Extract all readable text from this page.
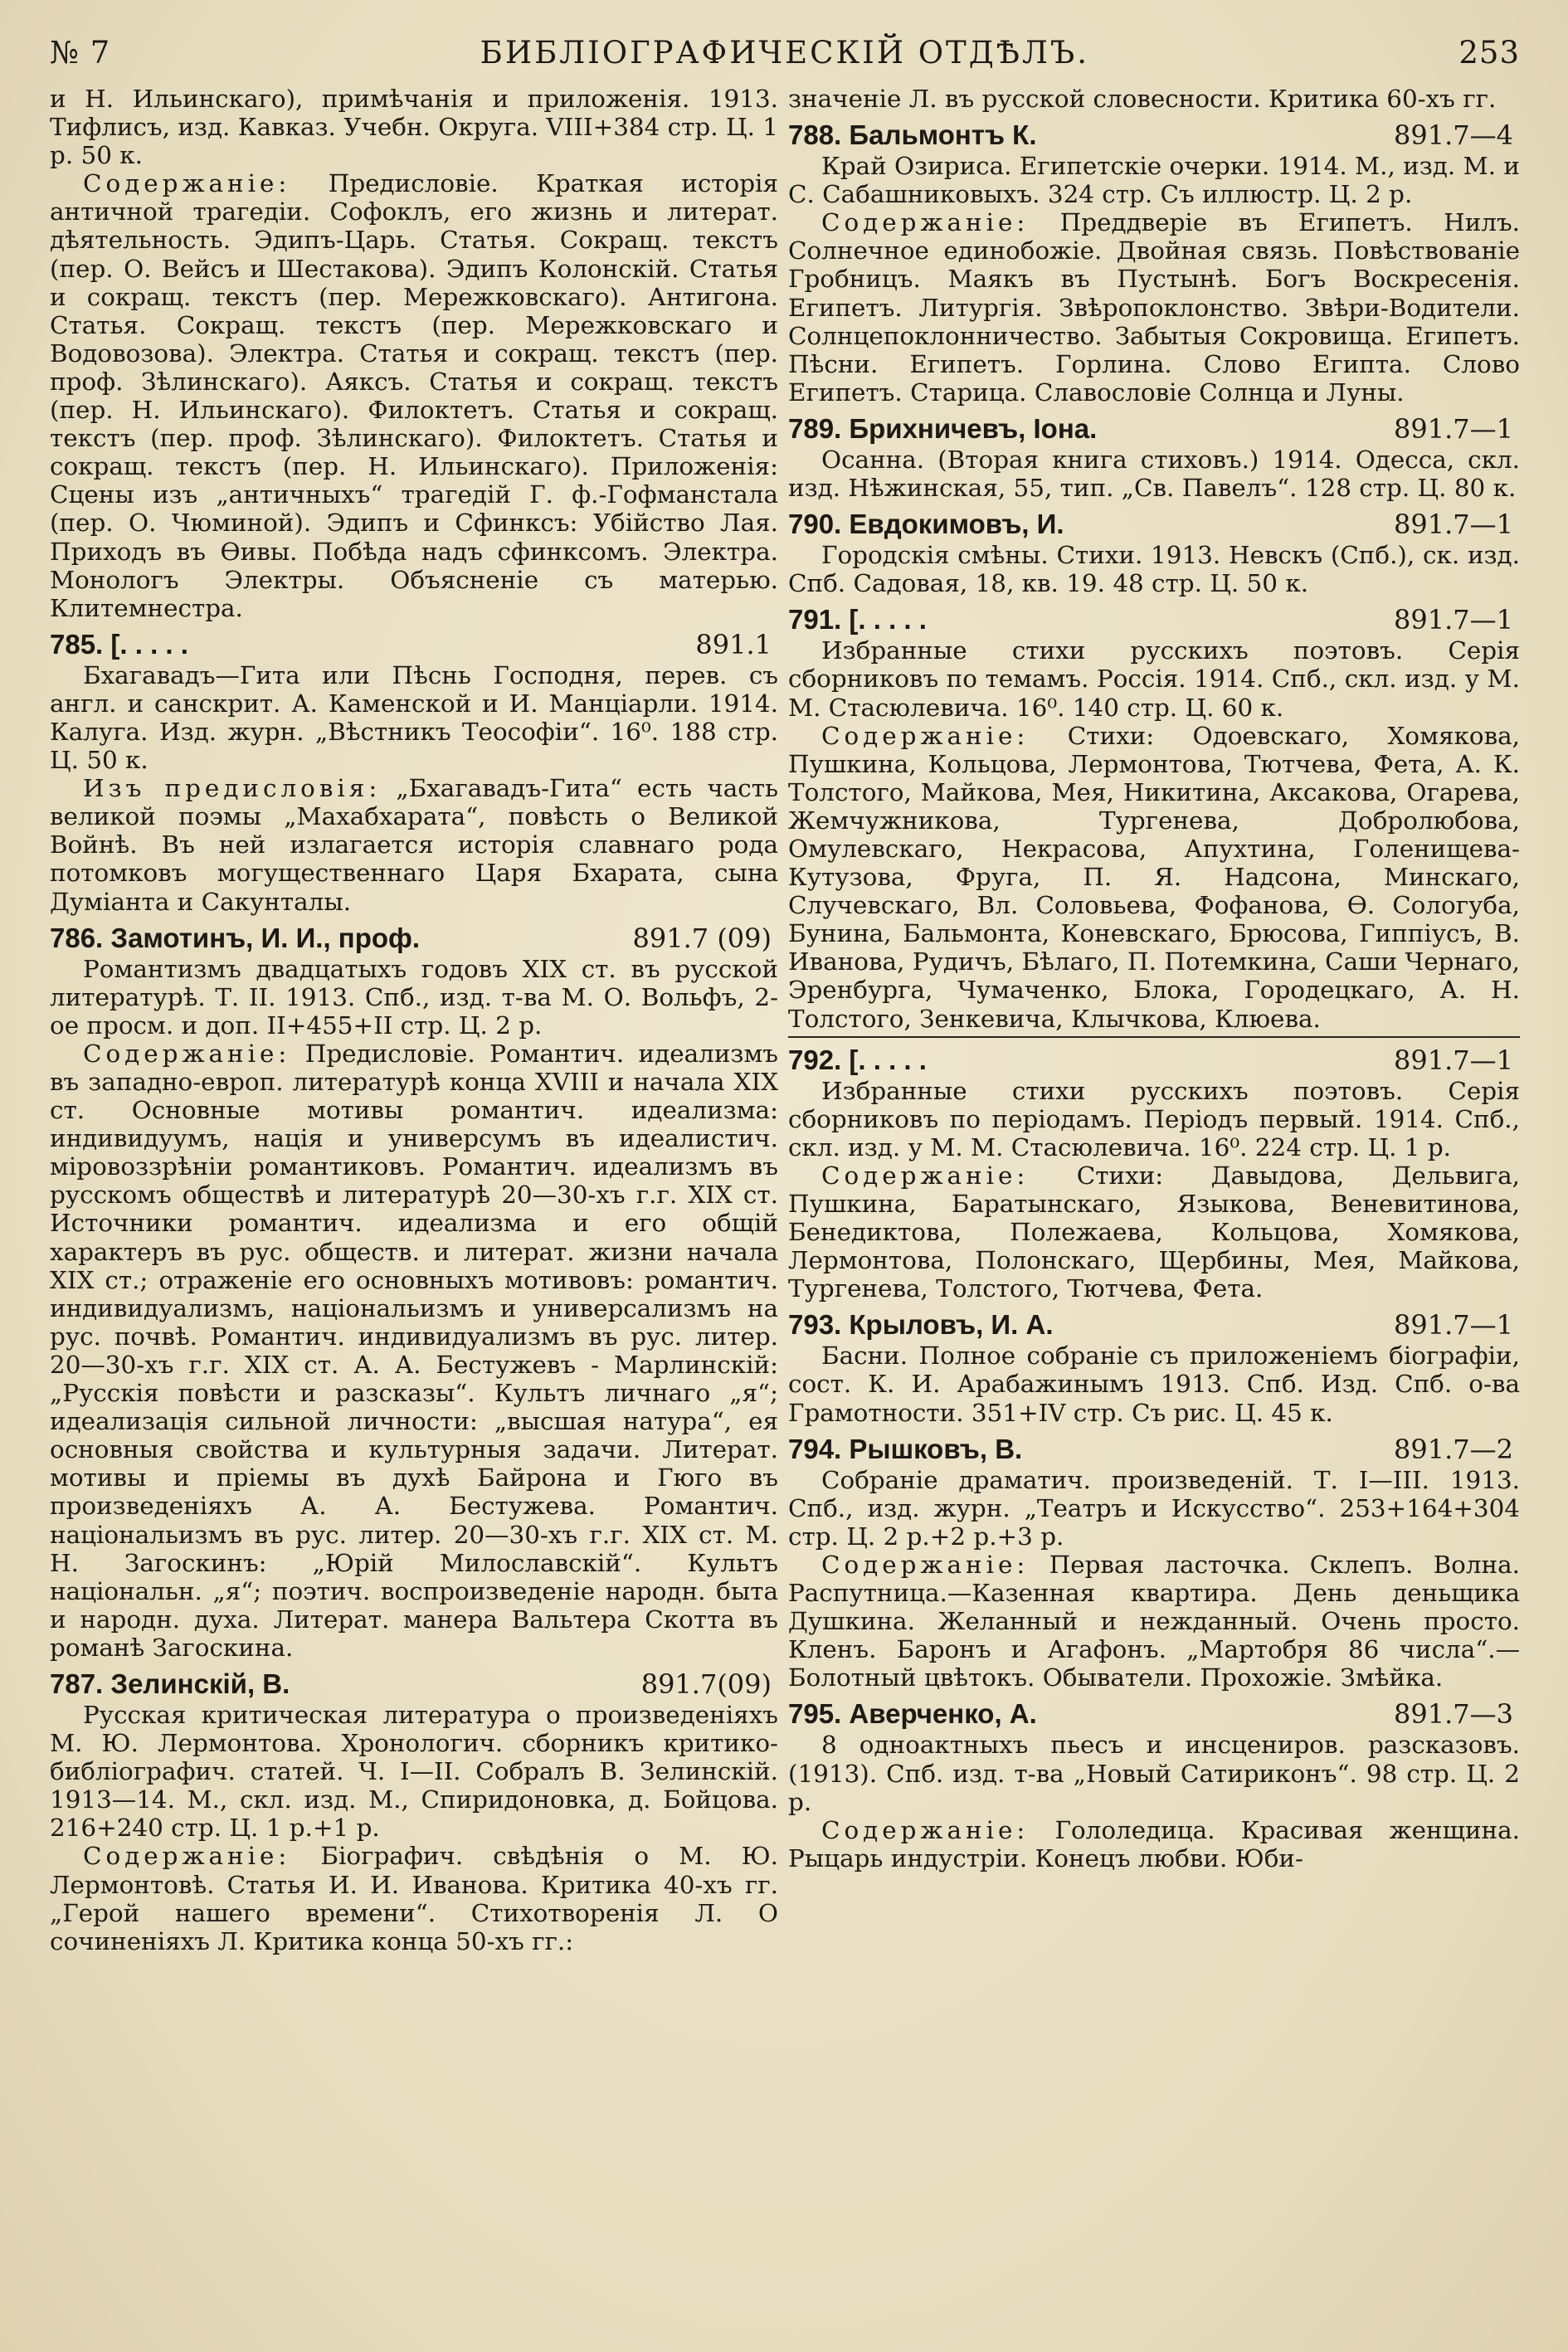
№ 7	БИБЛІОГРАФИЧЕСКІЙ ОТДѢЛЪ.	253

и Н. Ильинскаго), примѣчанія и приложенія. 1913. Тифлисъ, изд. Кавказ. Учебн. Округа. VIII+384 стр. Ц. 1 р. 50 к.

Содержаніе: Предисловіе. Краткая исторія античной трагедіи. Софоклъ, его жизнь и литерат. дѣятельность. Эдипъ-Царь. Статья. Сокращ. текстъ (пер. О. Вейсъ и Шестакова). Эдипъ Колонскій. Статья и сокращ. текстъ (пер. Мережковскаго). Антигона. Статья. Сокращ. текстъ (пер. Мережковскаго и Водовозова). Электра. Статья и сокращ. текстъ (пер. проф. Зѣлинскаго). Аяксъ. Статья и сокращ. текстъ (пер. Н. Ильинскаго). Филоктетъ. Статья и сокращ. текстъ (пер. проф. Зѣлинскаго). Филоктетъ. Статья и сокращ. текстъ (пер. Н. Ильинскаго). Приложенія: Сцены изъ „античныхъ“ трагедій Г. ф.-Гофманстала (пер. О. Чюминой). Эдипъ и Сфинксъ: Убійство Лая. Приходъ въ Өивы. Побѣда надъ сфинксомъ. Электра. Монологъ Электры. Объясненіе съ матерью. Клитемнестра.

785. [. . . . .	891.1

Бхагавадъ—Гита или Пѣснь Господня, перев. съ англ. и санскрит. А. Каменской и И. Манціарли. 1914. Калуга. Изд. журн. „Вѣстникъ Теософіи“. 16⁰. 188 стр. Ц. 50 к.

Изъ предисловія: „Бхагавадъ-Гита“ есть часть великой поэмы „Махабхарата“, повѣсть о Великой Войнѣ. Въ ней излагается исторія славнаго рода потомковъ могущественнаго Царя Бхарата, сына Думіанта и Сакунталы.

786. Замотинъ, И. И., проф.	891.7 (09)

Романтизмъ двадцатыхъ годовъ XIX ст. въ русской литературѣ. Т. II. 1913. Спб., изд. т-ва М. О. Вольфъ, 2-ое просм. и доп. II+455+II стр. Ц. 2 р.

Содержаніе: Предисловіе. Романтич. идеализмъ въ западно-европ. литературѣ конца XVIII и начала XIX ст. Основные мотивы романтич. идеализма: индивидуумъ, нація и универсумъ въ идеалистич. міровоззрѣніи романтиковъ. Романтич. идеализмъ въ русскомъ обществѣ и литературѣ 20—30-хъ г.г. XIX ст. Источники романтич. идеализма и его общій характеръ въ рус. обществ. и литерат. жизни начала XIX ст.; отраженіе его основныхъ мотивовъ: романтич. индивидуализмъ, національизмъ и универсализмъ на рус. почвѣ. Романтич. индивидуализмъ въ рус. литер. 20—30-хъ г.г. XIX ст. А. А. Бестужевъ - Марлинскій: „Русскія повѣсти и разсказы“. Культъ личнаго „я“; идеализація сильной личности: „высшая натура“, ея основныя свойства и культурныя задачи. Литерат. мотивы и пріемы въ духѣ Байрона и Гюго въ произведеніяхъ А. А. Бестужева. Романтич. національизмъ въ рус. литер. 20—30-хъ г.г. XIX ст. М. Н. Загоскинъ: „Юрій Милославскій“. Культъ національн. „я“; поэтич. воспроизведеніе народн. быта и народн. духа. Литерат. манера Вальтера Скотта въ романѣ Загоскина.

787. Зелинскій, В.	891.7(09)

Русская критическая литература о произведеніяхъ М. Ю. Лермонтова. Хронологич. сборникъ критико-библіографич. статей. Ч. I—II. Собралъ В. Зелинскій. 1913—14. М., скл. изд. М., Спиридоновка, д. Бойцова. 216+240 стр. Ц. 1 р.+1 р.

Содержаніе: Біографич. свѣдѣнія о М. Ю. Лермонтовѣ. Статья И. И. Иванова. Критика 40-хъ гг. „Герой нашего времени“. Стихотворенія Л. О сочиненіяхъ Л. Критика конца 50-хъ гг.:

значеніе Л. въ русской словесности. Критика 60-хъ гг.

788. Бальмонтъ К.	891.7—4

Край Озириса. Египетскіе очерки. 1914. М., изд. М. и С. Сабашниковыхъ. 324 стр. Съ иллюстр. Ц. 2 р.

Содержаніе: Преддверіе въ Египетъ. Нилъ. Солнечное единобожіе. Двойная связь. Повѣствованіе Гробницъ. Маякъ въ Пустынѣ. Богъ Воскресенія. Египетъ. Литургія. Звѣропоклонство. Звѣри-Водители. Солнцепоклонничество. Забытыя Сокровища. Египетъ. Пѣсни. Египетъ. Горлина. Слово Египта. Слово Египетъ. Старица. Славословіе Солнца и Луны.

789. Брихничевъ, Іона.	891.7—1

Осанна. (Вторая книга стиховъ.) 1914. Одесса, скл. изд. Нѣжинская, 55, тип. „Св. Павелъ“. 128 стр. Ц. 80 к.

790. Евдокимовъ, И.	891.7—1

Городскія смѣны. Стихи. 1913. Невскъ (Спб.), ск. изд. Спб. Садовая, 18, кв. 19. 48 стр. Ц. 50 к.

791. [. . . . .	891.7—1

Избранные стихи русскихъ поэтовъ. Серія сборниковъ по темамъ. Россія. 1914. Спб., скл. изд. у М. М. Стасюлевича. 16⁰. 140 стр. Ц. 60 к.

Содержаніе: Стихи: Одоевскаго, Хомякова, Пушкина, Кольцова, Лермонтова, Тютчева, Фета, А. К. Толстого, Майкова, Мея, Никитина, Аксакова, Огарева, Жемчужникова, Тургенева, Добролюбова, Омулевскаго, Некрасова, Апухтина, Голенищева-Кутузова, Фруга, П. Я. Надсона, Минскаго, Случевскаго, Вл. Соловьева, Фофанова, Ө. Сологуба, Бунина, Бальмонта, Коневскаго, Брюсова, Гиппіусъ, В. Иванова, Рудичъ, Бѣлаго, П. Потемкина, Саши Чернаго, Эренбурга, Чумаченко, Блока, Городецкаго, А. Н. Толстого, Зенкевича, Клычкова, Клюева.

792. [. . . . .	891.7—1

Избранные стихи русскихъ поэтовъ. Серія сборниковъ по періодамъ. Періодъ первый. 1914. Спб., скл. изд. у М. М. Стасюлевича. 16⁰. 224 стр. Ц. 1 р.

Содержаніе: Стихи: Давыдова, Дельвига, Пушкина, Баратынскаго, Языкова, Веневитинова, Бенедиктова, Полежаева, Кольцова, Хомякова, Лермонтова, Полонскаго, Щербины, Мея, Майкова, Тургенева, Толстого, Тютчева, Фета.

793. Крыловъ, И. А.	891.7—1

Басни. Полное собраніе съ приложеніемъ біографіи, сост. К. И. Арабажинымъ 1913. Спб. Изд. Спб. о-ва Грамотности. 351+IV стр. Съ рис. Ц. 45 к.

794. Рышковъ, В.	891.7—2

Собраніе драматич. произведеній. Т. I—III. 1913. Спб., изд. журн. „Театръ и Искусство“. 253+164+304 стр. Ц. 2 р.+2 р.+3 р.

Содержаніе: Первая ласточка. Склепъ. Волна. Распутница.—Казенная квартира. День деньщика Душкина. Желанный и нежданный. Очень просто. Кленъ. Баронъ и Агафонъ. „Мартобря 86 числа“.—Болотный цвѣтокъ. Обыватели. Прохожіе. Змѣйка.

795. Аверченко, А.	891.7—3

8 одноактныхъ пьесъ и инсцениров. разсказовъ. (1913). Спб. изд. т-ва „Новый Сатириконъ“. 98 стр. Ц. 2 р.

Содержаніе: Гололедица. Красивая женщина. Рыцарь индустріи. Конецъ любви. Юби-
